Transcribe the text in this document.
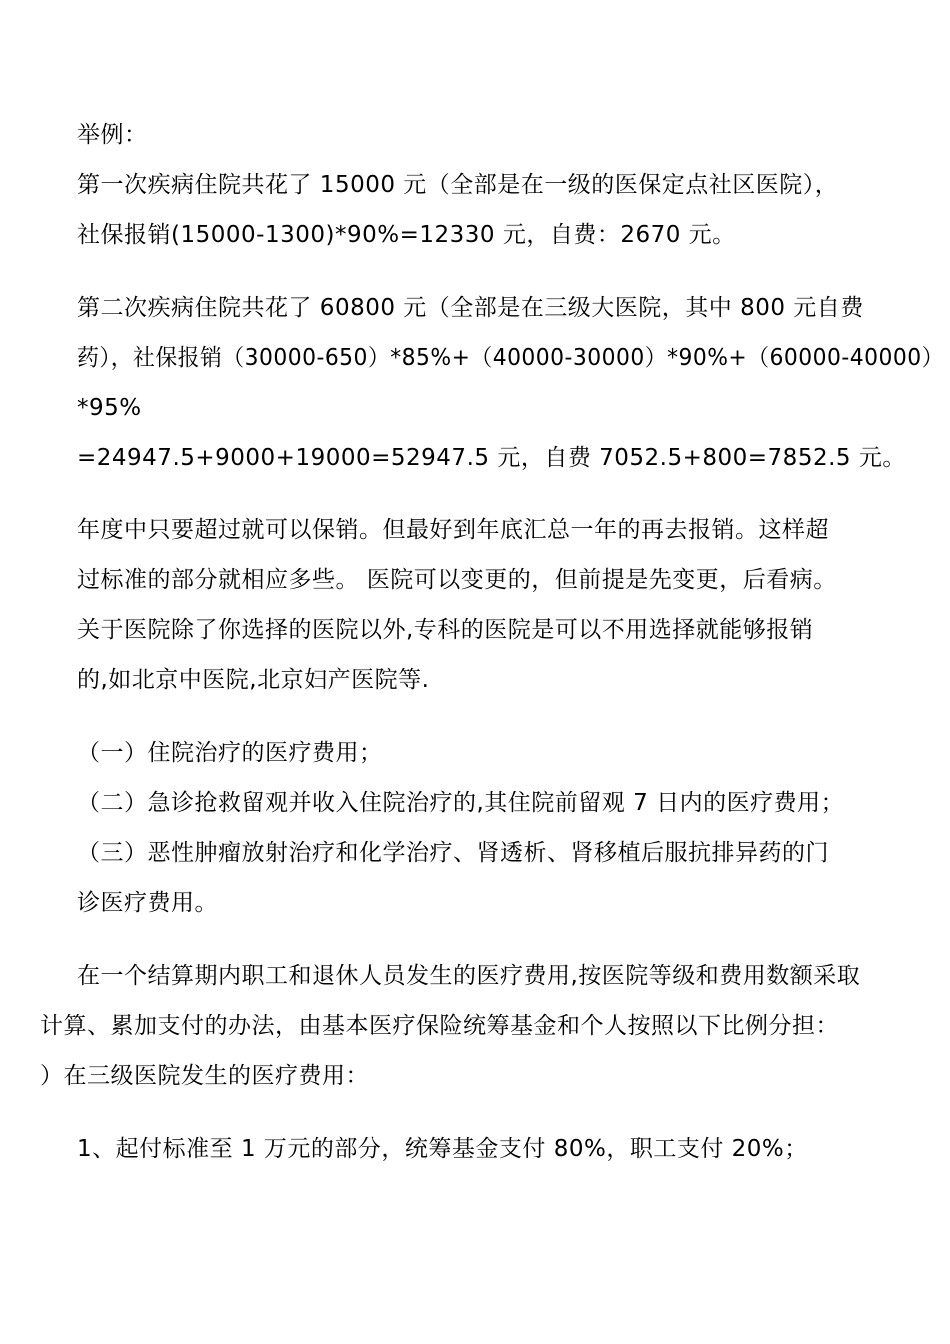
举例：
第一次疾病住院共花了 15000 元（全部是在一级的医保定点社区医院），
社保报销(15000-1300)*90%=12330 元，自费：2670 元。
第二次疾病住院共花了 60800 元（全部是在三级大医院，其中 800 元自费
药），社保报销（30000-650）*85%+（40000-30000）*90%+（60000-40000）
*95%
=24947.5+9000+19000=52947.5 元，自费 7052.5+800=7852.5 元。
年度中只要超过就可以保销。但最好到年底汇总一年的再去报销。这样超
过标准的部分就相应多些。 医院可以变更的，但前提是先变更，后看病。
关于医院除了你选择的医院以外,专科的医院是可以不用选择就能够报销
的,如北京中医院,北京妇产医院等.
（一）住院治疗的医疗费用；
（二）急诊抢救留观并收入住院治疗的,其住院前留观 7 日内的医疗费用；
（三）恶性肿瘤放射治疗和化学治疗、肾透析、肾移植后服抗排异药的门
诊医疗费用。
在一个结算期内职工和退休人员发生的医疗费用,按医院等级和费用数额采取
计算、累加支付的办法，由基本医疗保险统筹基金和个人按照以下比例分担：
）在三级医院发生的医疗费用：
1、起付标准至 1 万元的部分，统筹基金支付 80%，职工支付 20%；
